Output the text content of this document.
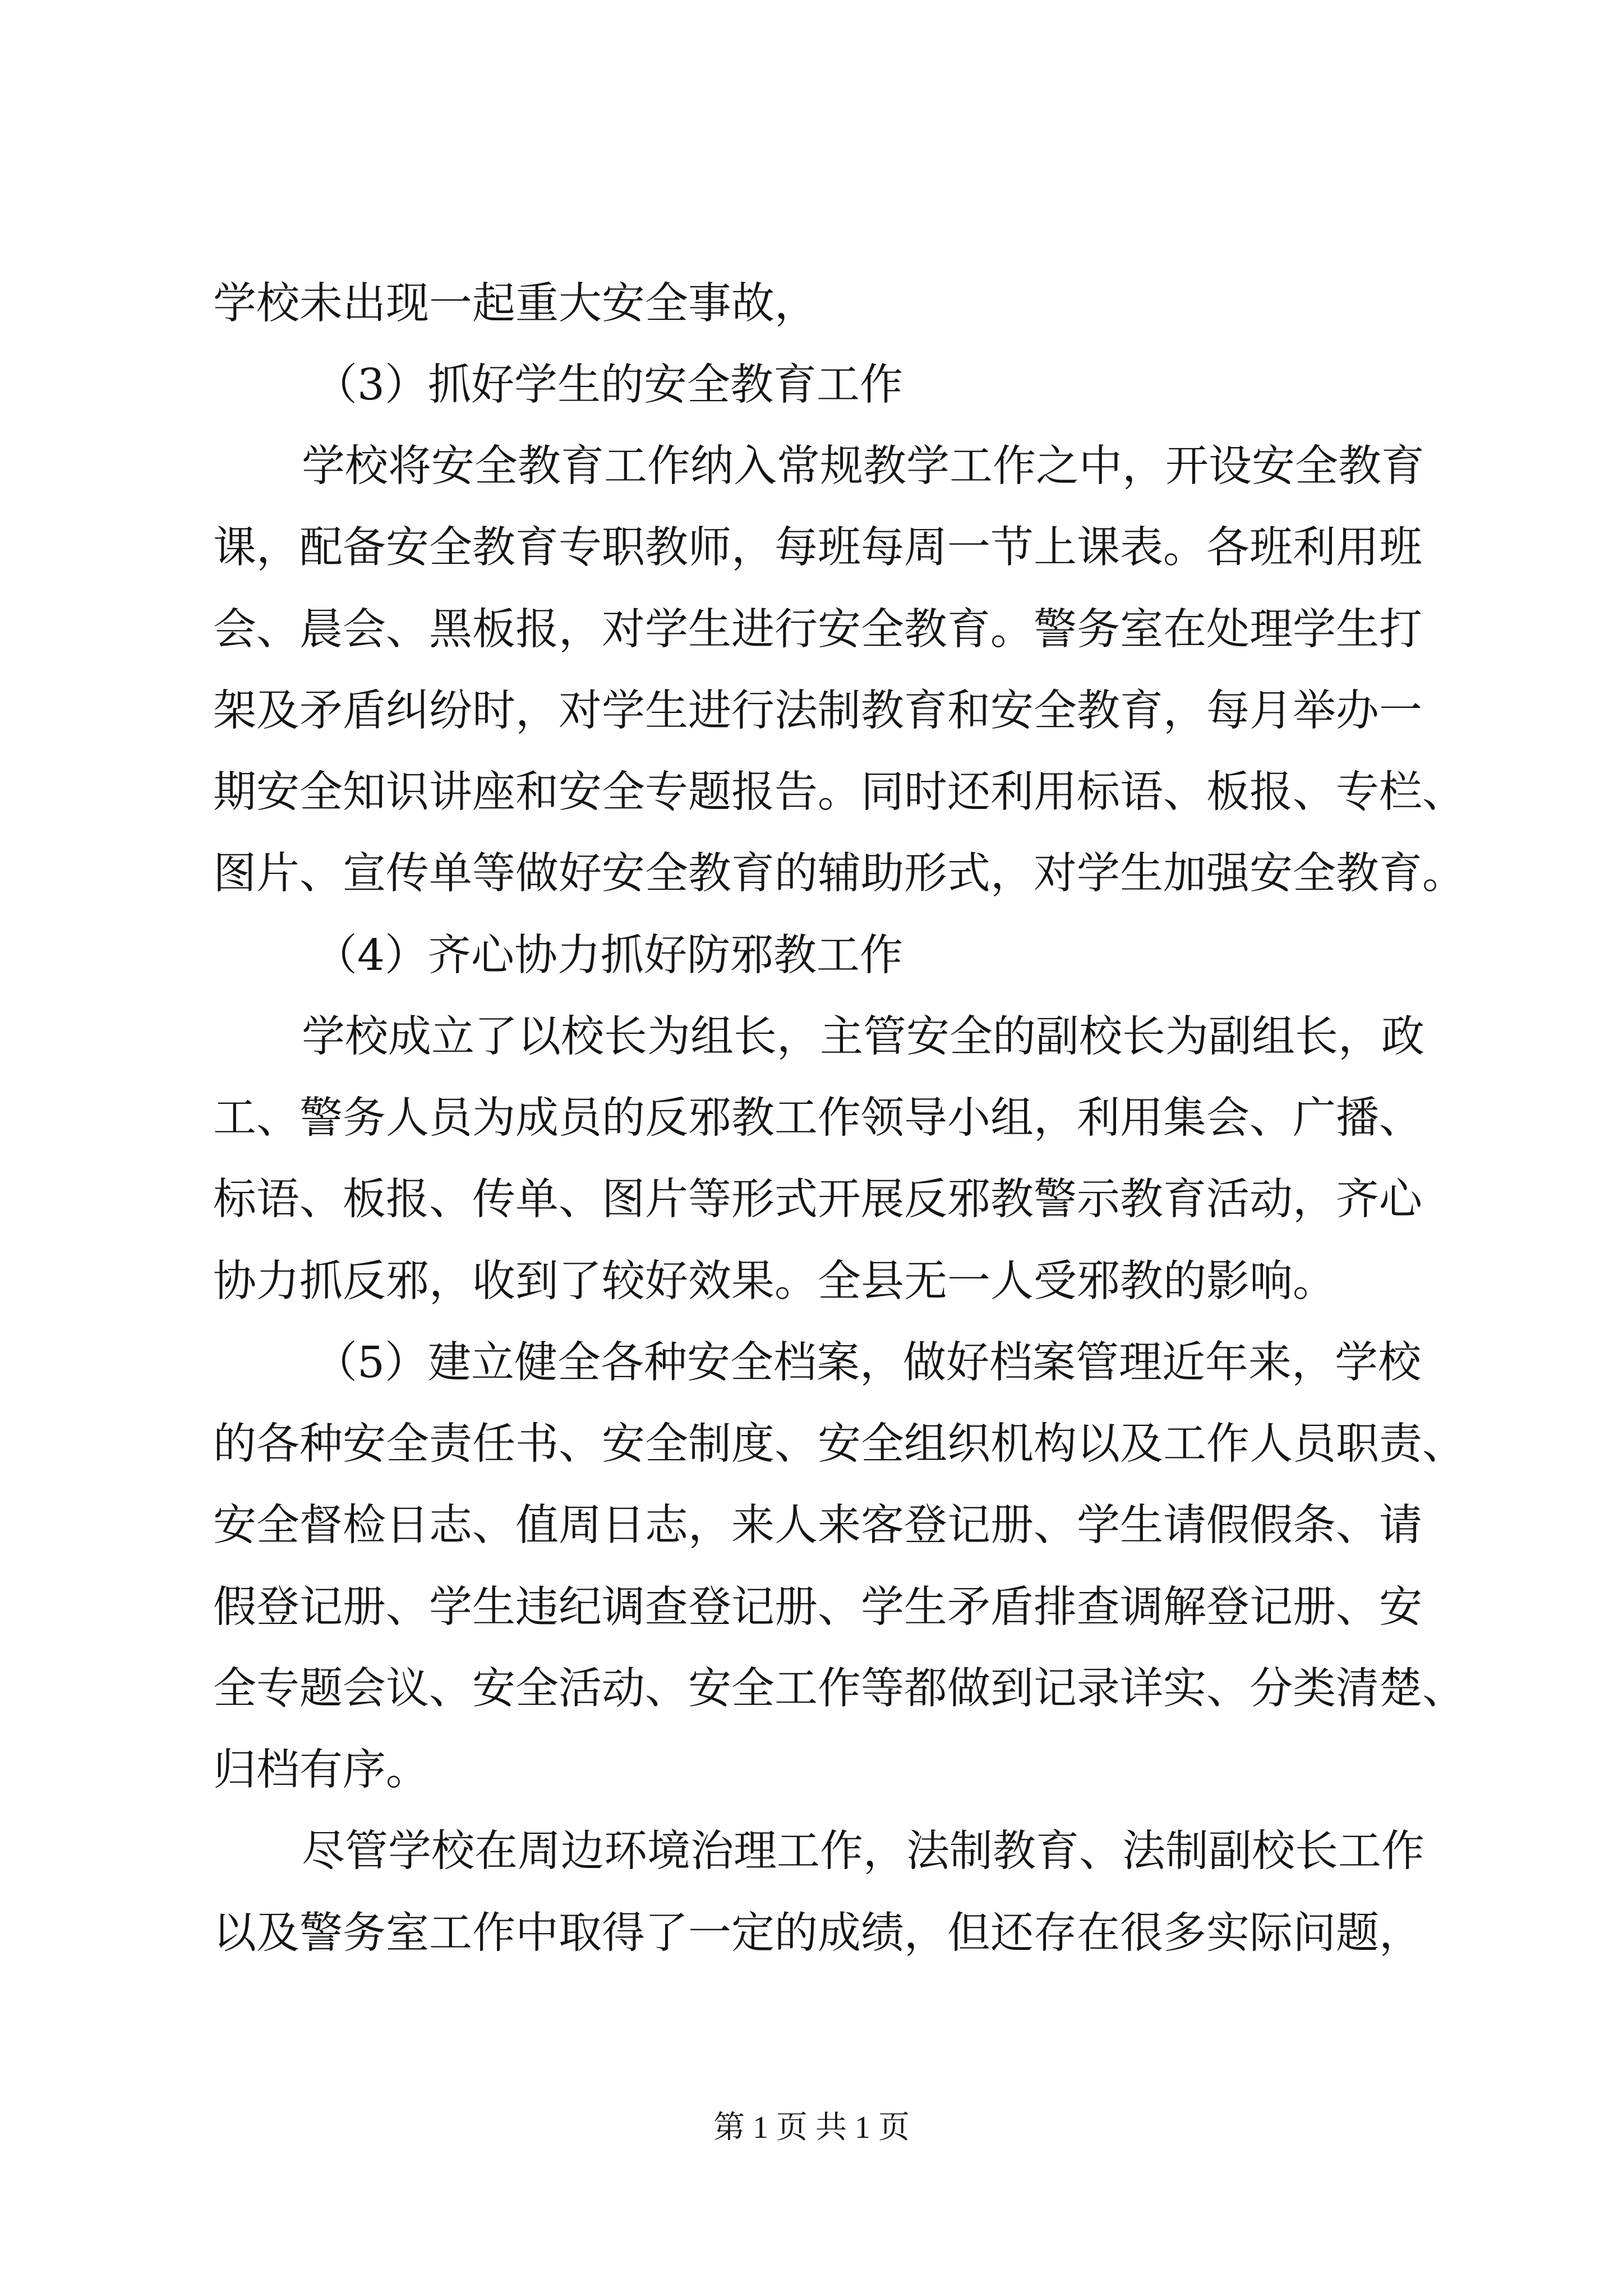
学校未出现一起重大安全事故，
（3）抓好学生的安全教育工作
学校将安全教育工作纳入常规教学工作之中，开设安全教育
课，配备安全教育专职教师，每班每周一节上课表。各班利用班
会、晨会、黑板报，对学生进行安全教育。警务室在处理学生打
架及矛盾纠纷时，对学生进行法制教育和安全教育，每月举办一
期安全知识讲座和安全专题报告。同时还利用标语、板报、专栏、
图片、宣传单等做好安全教育的辅助形式，对学生加强安全教育。
（4）齐心协力抓好防邪教工作
学校成立了以校长为组长，主管安全的副校长为副组长，政
工、警务人员为成员的反邪教工作领导小组，利用集会、广播、
标语、板报、传单、图片等形式开展反邪教警示教育活动，齐心
协力抓反邪，收到了较好效果。全县无一人受邪教的影响。
（5）建立健全各种安全档案，做好档案管理近年来，学校
的各种安全责任书、安全制度、安全组织机构以及工作人员职责、
安全督检日志、值周日志，来人来客登记册、学生请假假条、请
假登记册、学生违纪调查登记册、学生矛盾排查调解登记册、安
全专题会议、安全活动、安全工作等都做到记录详实、分类清楚、
归档有序。
尽管学校在周边环境治理工作，法制教育、法制副校长工作
以及警务室工作中取得了一定的成绩，但还存在很多实际问题，
第 1 页 共 1 页
